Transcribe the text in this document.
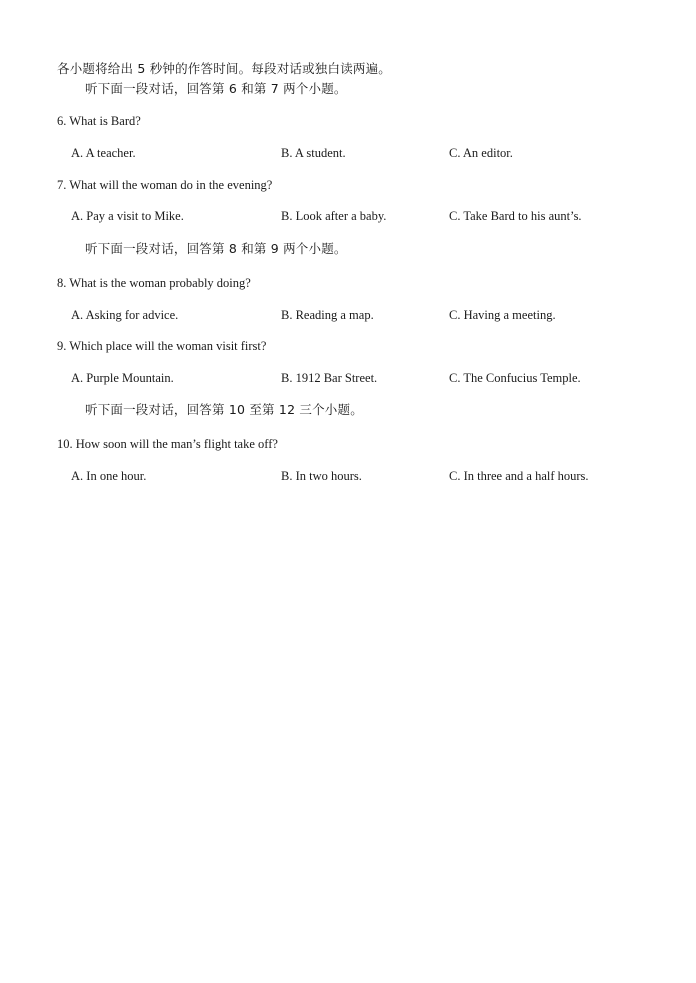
各小题将给出 5 秒钟的作答时间。每段对话或独白读两遍。
听下面一段对话，回答第 6 和第 7 两个小题。
6. What is Bard?
A. A teacher.	B. A student.	C. An editor.
7. What will the woman do in the evening?
A. Pay a visit to Mike.	B. Look after a baby.	C. Take Bard to his aunt’s.
听下面一段对话，回答第 8 和第 9 两个小题。
8. What is the woman probably doing?
A. Asking for advice.	B. Reading a map.	C. Having a meeting.
9. Which place will the woman visit first?
A. Purple Mountain.	B. 1912 Bar Street.	C. The Confucius Temple.
听下面一段对话，回答第 10 至第 12 三个小题。
10. How soon will the man’s flight take off?
A. In one hour.	B. In two hours.	C. In three and a half hours.
